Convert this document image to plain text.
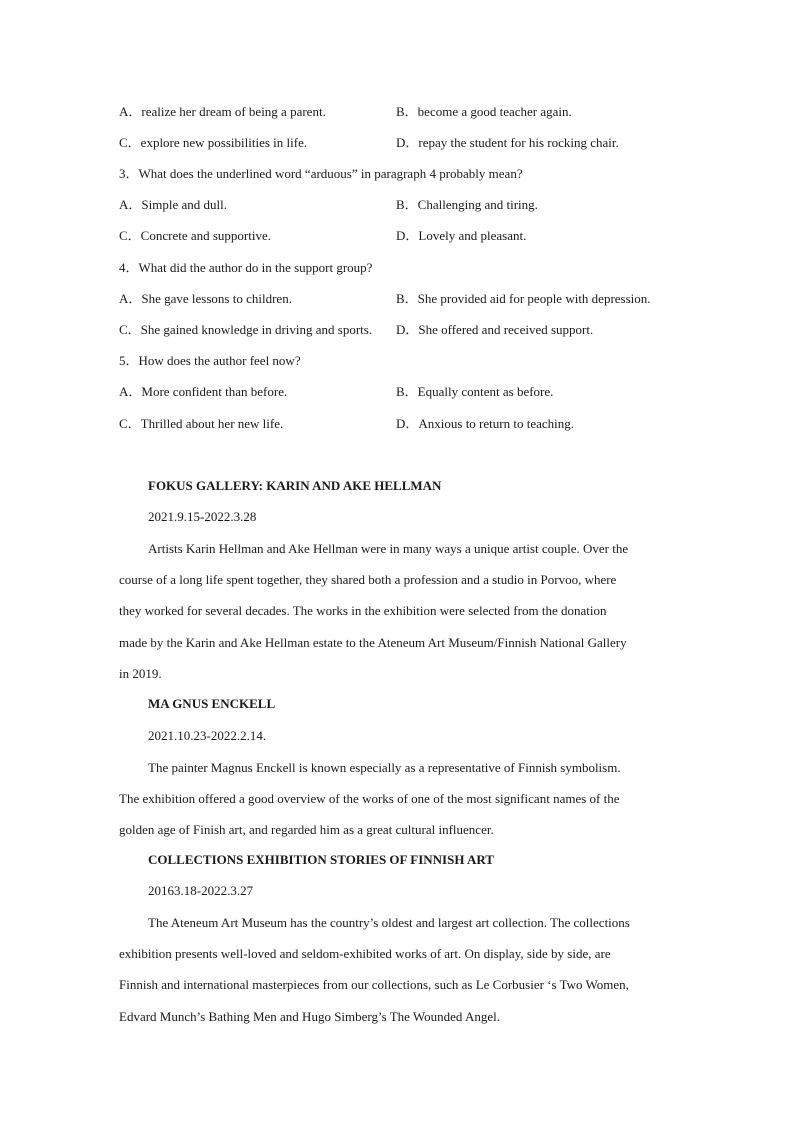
A．realize her dream of being a parent.	B．become a good teacher again.
C．explore new possibilities in life.	D．repay the student for his rocking chair.
3．What does the underlined word “arduous” in paragraph 4 probably mean?
A．Simple and dull.	B．Challenging and tiring.
C．Concrete and supportive.	D．Lovely and pleasant.
4．What did the author do in the support group?
A．She gave lessons to children.	B．She provided aid for people with depression.
C．She gained knowledge in driving and sports. D．She offered and received support.
5．How does the author feel now?
A．More confident than before.	B．Equally content as before.
C．Thrilled about her new life.	D．Anxious to return to teaching.
FOKUS GALLERY: KARIN AND AKE HELLMAN
2021.9.15-2022.3.28
Artists Karin Hellman and Ake Hellman were in many ways a unique artist couple. Over the
course of a long life spent together, they shared both a profession and a studio in Porvoo, where
they worked for several decades. The works in the exhibition were selected from the donation
made by the Karin and Ake Hellman estate to the Ateneum Art Museum/Finnish National Gallery
in 2019.
MA GNUS ENCKELL
2021.10.23-2022.2.14.
The painter Magnus Enckell is known especially as a representative of Finnish symbolism.
The exhibition offered a good overview of the works of one of the most significant names of the
golden age of Finish art, and regarded him as a great cultural influencer.
COLLECTIONS EXHIBITION STORIES OF FINNISH ART
20163.18-2022.3.27
The Ateneum Art Museum has the country’s oldest and largest art collection. The collections
exhibition presents well-loved and seldom-exhibited works of art. On display, side by side, are
Finnish and international masterpieces from our collections, such as Le Corbusier ‘s Two Women,
Edvard Munch’s Bathing Men and Hugo Simberg’s The Wounded Angel.
